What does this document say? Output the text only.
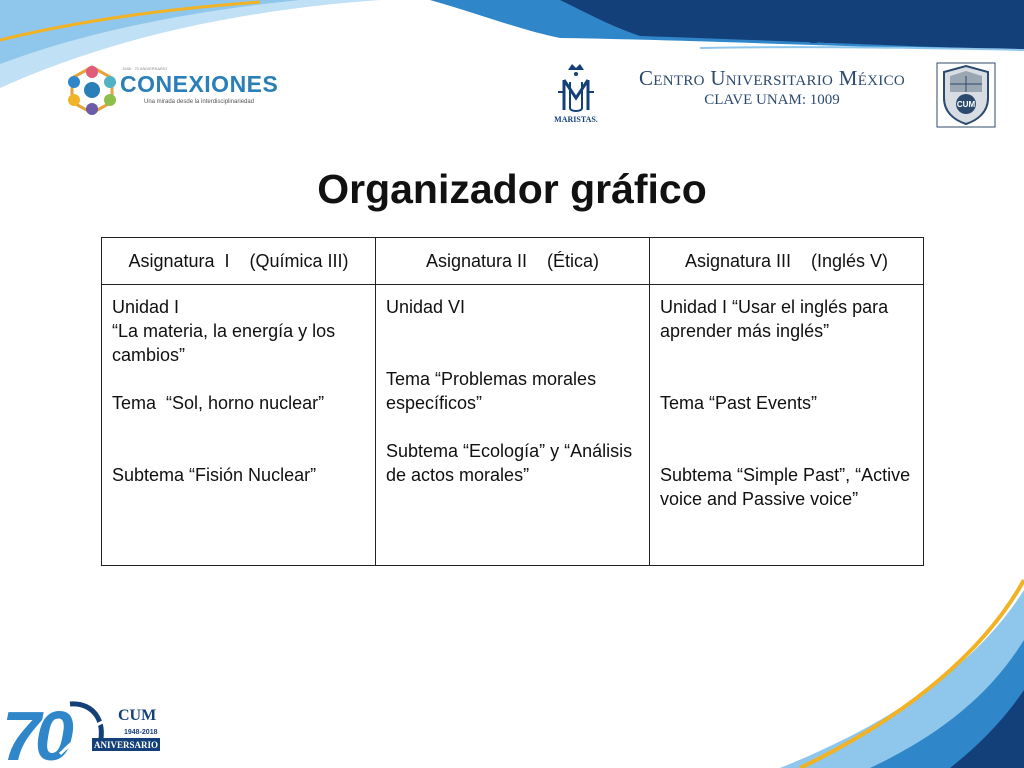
1948 · 70 ANIVERSARIO
CONEXIONES
Una mirada desde la interdisciplinariedad
maristas
MARISTAS.
Centro Universitario México
CLAVE UNAM: 1009	CUM
Organizador gráfico
Asignatura  I    (Química III)	Asignatura II    (Ética)	Asignatura III    (Inglés V)

Unidad I
“La materia, la energía y los cambios”
Tema  “Sol, horno nuclear”
Subtema “Fisión Nuclear”	Unidad VI
Tema “Problemas morales específicos”
Subtema “Ecología” y “Análisis de actos morales”	Unidad I “Usar el inglés para aprender más inglés”
Tema “Past Events”
Subtema “Simple Past”, “Active voice and Passive voice”
70	CUM
1948-2018
ANIVERSARIO
